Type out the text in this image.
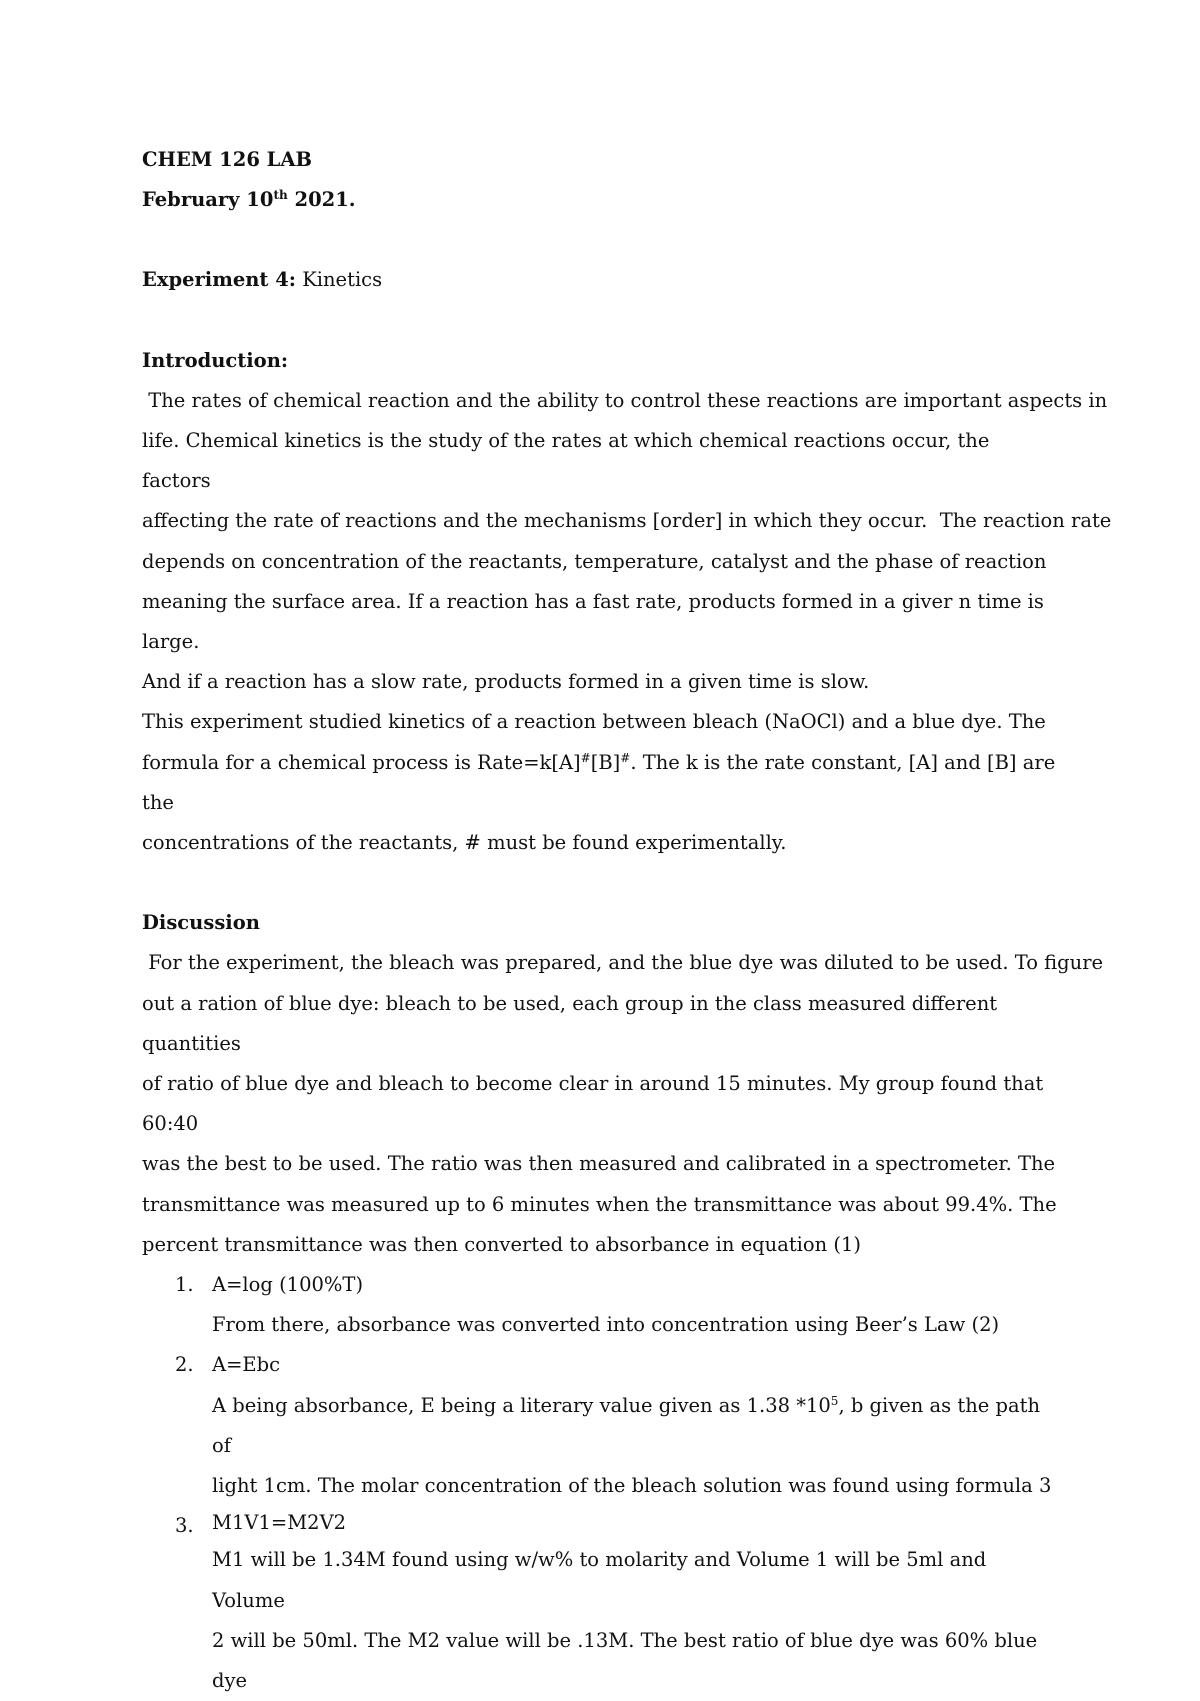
CHEM 126 LAB

February 10th 2021.

Experiment 4: Kinetics

Introduction:

The rates of chemical reaction and the ability to control these reactions are important aspects in

life. Chemical kinetics is the study of the rates at which chemical reactions occur, the factors

affecting the rate of reactions and the mechanisms [order] in which they occur.  The reaction rate

depends on concentration of the reactants, temperature, catalyst and the phase of reaction

meaning the surface area. If a reaction has a fast rate, products formed in a giver n time is large.

And if a reaction has a slow rate, products formed in a given time is slow.

This experiment studied kinetics of a reaction between bleach (NaOCl) and a blue dye. The

formula for a chemical process is Rate=k[A]#[B]#. The k is the rate constant, [A] and [B] are the

concentrations of the reactants, # must be found experimentally.

Discussion

For the experiment, the bleach was prepared, and the blue dye was diluted to be used. To figure

out a ration of blue dye: bleach to be used, each group in the class measured different quantities

of ratio of blue dye and bleach to become clear in around 15 minutes. My group found that 60:40

was the best to be used. The ratio was then measured and calibrated in a spectrometer. The

transmittance was measured up to 6 minutes when the transmittance was about 99.4%. The

percent transmittance was then converted to absorbance in equation (1)

1. A=log (100%T)

From there, absorbance was converted into concentration using Beer’s Law (2)

2. A=Ebc

A being absorbance, E being a literary value given as 1.38 $*10^5$, b given as the path of

light 1cm. The molar concentration of the bleach solution was found using formula 3

3. M1V1=M2V2

M1 will be 1.34M found using w/w% to molarity and Volume 1 will be 5ml and Volume

2 will be 50ml. The M2 value will be .13M. The best ratio of blue dye was 60% blue dye
